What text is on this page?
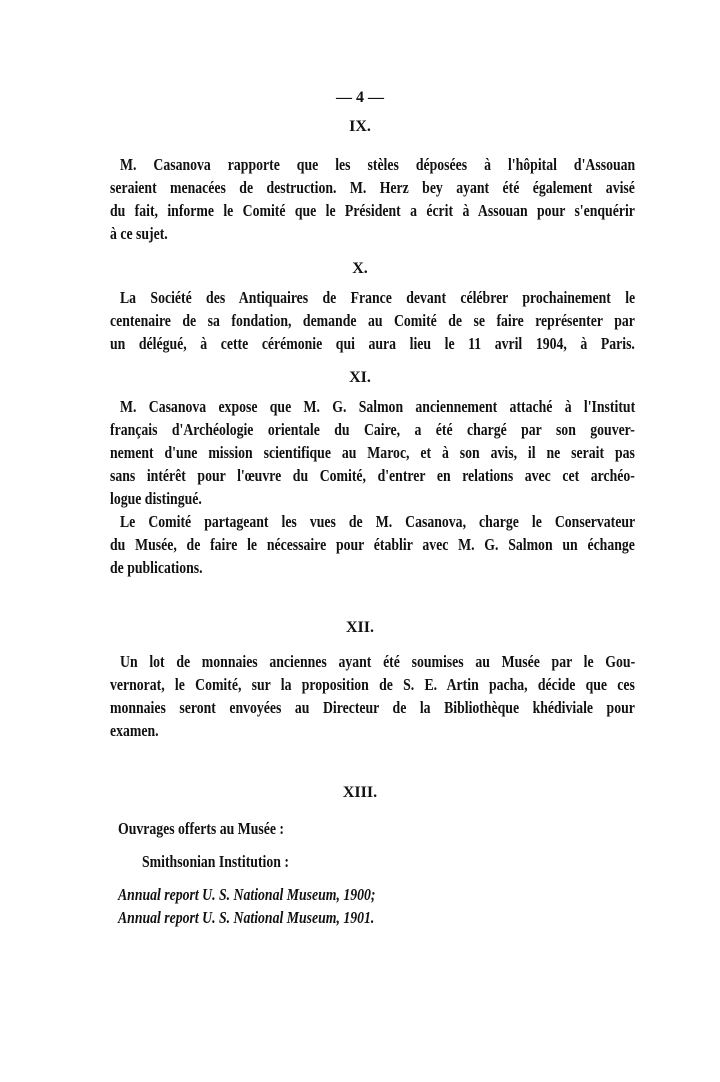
— 4 —
IX.
M. Casanova rapporte que les stèles déposées à l'hôpital d'Assouan
seraient menacées de destruction. M. Herz bey ayant été également avisé
du fait, informe le Comité que le Président a écrit à Assouan pour s'enquérir
à ce sujet.
X.
La Société des Antiquaires de France devant célébrer prochainement le
centenaire de sa fondation, demande au Comité de se faire représenter par
un délégué, à cette cérémonie qui aura lieu le 11 avril 1904, à Paris.
XI.
M. Casanova expose que M. G. Salmon anciennement attaché à l'Institut
français d'Archéologie orientale du Caire, a été chargé par son gouver-
nement d'une mission scientifique au Maroc, et à son avis, il ne serait pas
sans intérêt pour l'œuvre du Comité, d'entrer en relations avec cet archéo-
logue distingué.
Le Comité partageant les vues de M. Casanova, charge le Conservateur
du Musée, de faire le nécessaire pour établir avec M. G. Salmon un échange
de publications.
XII.
Un lot de monnaies anciennes ayant été soumises au Musée par le Gou-
vernorat, le Comité, sur la proposition de S. E. Artin pacha, décide que ces
monnaies seront envoyées au Directeur de la Bibliothèque khédiviale pour
examen.
XIII.
Ouvrages offerts au Musée :
Smithsonian Institution :
Annual report U. S. National Museum, 1900;
Annual report U. S. National Museum, 1901.
